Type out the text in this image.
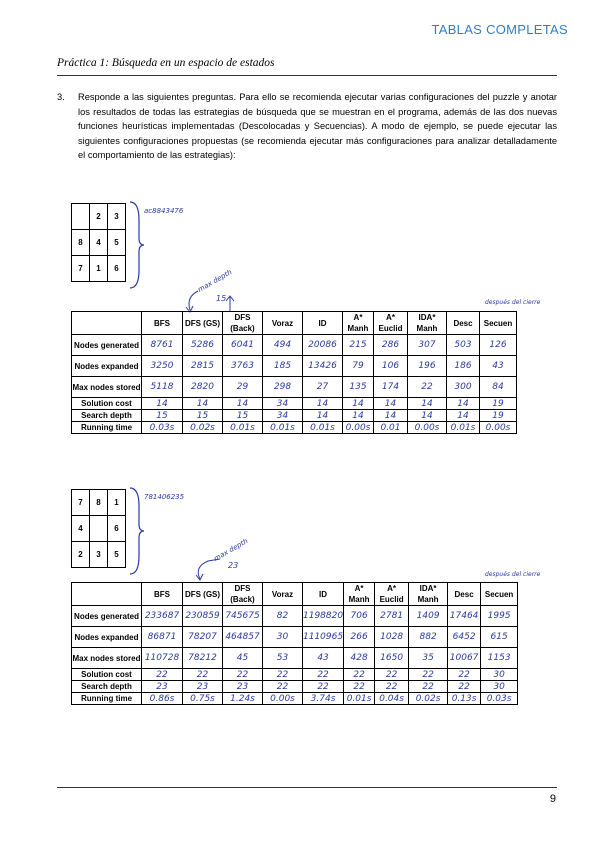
TABLAS COMPLETAS
Práctica 1: Búsqueda en un espacio de estados
3.	Responde a las siguientes preguntas. Para ello se recomienda ejecutar varias configuraciones del puzzle y anotar los resultados de todas las estrategias de búsqueda que se muestran en el programa, además de las dos nuevas funciones heurísticas implementadas (Descolocadas y Secuencias). A modo de ejemplo, se puede ejecutar las siguientes configuraciones propuestas (se recomienda ejecutar más configuraciones para analizar detalladamente el comportamiento de las estrategias):
	2	3
8	4	5
7	1	6
ac8843476
max depth
15	después del cierre
	BFS	DFS (GS)	DFS (Back)	Voraz	ID	A* Manh	A* Euclid	IDA* Manh	Desc	Secuen
Nodes generated	8761	5286	6041	494	20086	215	286	307	503	126
Nodes expanded	3250	2815	3763	185	13426	79	106	196	186	43
Max nodes stored	5118	2820	29	298	27	135	174	22	300	84
Solution cost	14	14	14	34	14	14	14	14	14	19
Search depth	15	15	15	34	14	14	14	14	14	19
Running time	0.03s	0.02s	0.01s	0.01s	0.01s	0.00s	0.01	0.00s	0.01s	0.00s
7	8	1
4		6
2	3	5
781406235
max depth
23
después del cierre
	BFS	DFS (GS)	DFS (Back)	Voraz	ID	A* Manh	A* Euclid	IDA* Manh	Desc	Secuen
Nodes generated	233687	230859	745675	82	1198820	706	2781	1409	17464	1995
Nodes expanded	86871	78207	464857	30	1110965	266	1028	882	6452	615
Max nodes stored	110728	78212	45	53	43	428	1650	35	10067	1153
Solution cost	22	22	22	22	22	22	22	22	22	30
Search depth	23	23	23	22	22	22	22	22	22	30
Running time	0.86s	0.75s	1.24s	0.00s	3.74s	0.01s	0.04s	0.02s	0.13s	0.03s
9
